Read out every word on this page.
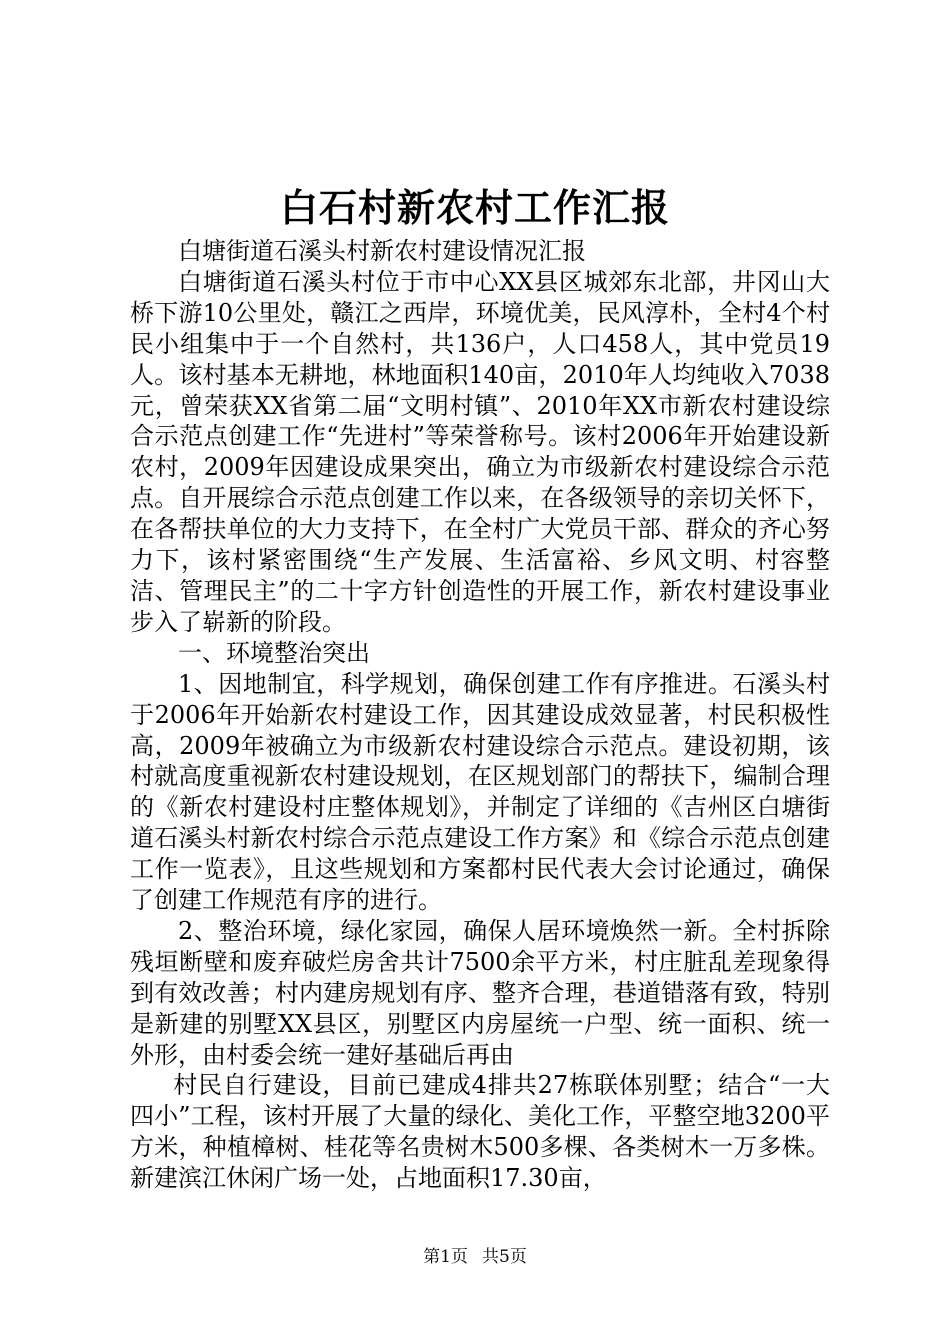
白石村新农村工作汇报

白塘街道石溪头村新农村建设情况汇报

白塘街道石溪头村位于市中心XX县区城郊东北部，井冈山大桥下游10公里处，赣江之西岸，环境优美，民风淳朴，全村4个村民小组集中于一个自然村，共136户，人口458人，其中党员19人。该村基本无耕地，林地面积140亩，2010年人均纯收入7038元，曾荣获XX省第二届“文明村镇”、2010年XX市新农村建设综合示范点创建工作“先进村”等荣誉称号。该村2006年开始建设新农村，2009年因建设成果突出，确立为市级新农村建设综合示范点。自开展综合示范点创建工作以来，在各级领导的亲切关怀下，在各帮扶单位的大力支持下，在全村广大党员干部、群众的齐心努力下，该村紧密围绕“生产发展、生活富裕、乡风文明、村容整洁、管理民主”的二十字方针创造性的开展工作，新农村建设事业步入了崭新的阶段。

一、环境整治突出

1、因地制宜，科学规划，确保创建工作有序推进。石溪头村于2006年开始新农村建设工作，因其建设成效显著，村民积极性高，2009年被确立为市级新农村建设综合示范点。建设初期，该村就高度重视新农村建设规划，在区规划部门的帮扶下，编制合理的《新农村建设村庄整体规划》，并制定了详细的《吉州区白塘街道石溪头村新农村综合示范点建设工作方案》和《综合示范点创建工作一览表》，且这些规划和方案都村民代表大会讨论通过，确保了创建工作规范有序的进行。

2、整治环境，绿化家园，确保人居环境焕然一新。全村拆除残垣断壁和废弃破烂房舍共计7500余平方米，村庄脏乱差现象得到有效改善；村内建房规划有序、整齐合理，巷道错落有致，特别是新建的别墅XX县区，别墅区内房屋统一户型、统一面积、统一外形，由村委会统一建好基础后再由

村民自行建设，目前已建成4排共27栋联体别墅；结合“一大四小”工程，该村开展了大量的绿化、美化工作，平整空地3200平方米，种植樟树、桂花等名贵树木500多棵、各类树木一万多株。新建滨江休闲广场一处，占地面积17.30亩，

第1页 共5页
